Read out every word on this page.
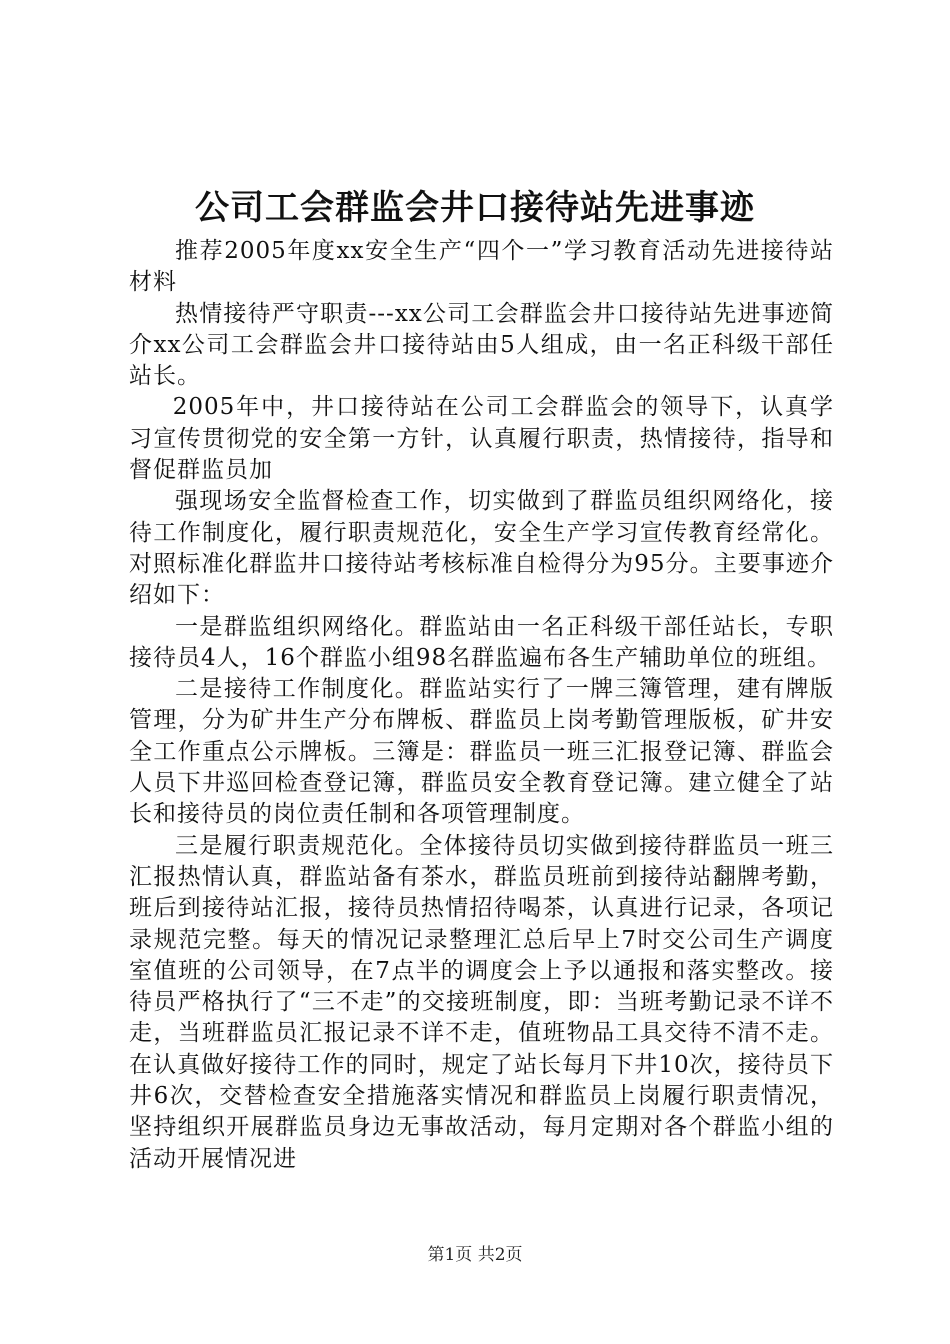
公司工会群监会井口接待站先进事迹

推荐2005年度xx安全生产“四个一”学习教育活动先进接待站材料

热情接待严守职责---xx公司工会群监会井口接待站先进事迹简介xx公司工会群监会井口接待站由5人组成，由一名正科级干部任站长。

2005年中，井口接待站在公司工会群监会的领导下，认真学习宣传贯彻党的安全第一方针，认真履行职责，热情接待，指导和督促群监员加

强现场安全监督检查工作，切实做到了群监员组织网络化，接待工作制度化，履行职责规范化，安全生产学习宣传教育经常化。对照标准化群监井口接待站考核标准自检得分为95分。主要事迹介绍如下：

一是群监组织网络化。群监站由一名正科级干部任站长，专职接待员4人，16个群监小组98名群监遍布各生产辅助单位的班组。

二是接待工作制度化。群监站实行了一牌三簿管理，建有牌版管理，分为矿井生产分布牌板、群监员上岗考勤管理版板，矿井安全工作重点公示牌板。三簿是：群监员一班三汇报登记簿、群监会人员下井巡回检查登记簿，群监员安全教育登记簿。建立健全了站长和接待员的岗位责任制和各项管理制度。

三是履行职责规范化。全体接待员切实做到接待群监员一班三汇报热情认真，群监站备有茶水，群监员班前到接待站翻牌考勤，班后到接待站汇报，接待员热情招待喝茶，认真进行记录，各项记录规范完整。每天的情况记录整理汇总后早上7时交公司生产调度室值班的公司领导，在7点半的调度会上予以通报和落实整改。接待员严格执行了“三不走”的交接班制度，即：当班考勤记录不详不走，当班群监员汇报记录不详不走，值班物品工具交待不清不走。在认真做好接待工作的同时，规定了站长每月下井10次，接待员下井6次，交替检查安全措施落实情况和群监员上岗履行职责情况，坚持组织开展群监员身边无事故活动，每月定期对各个群监小组的活动开展情况进

第1页 共2页
